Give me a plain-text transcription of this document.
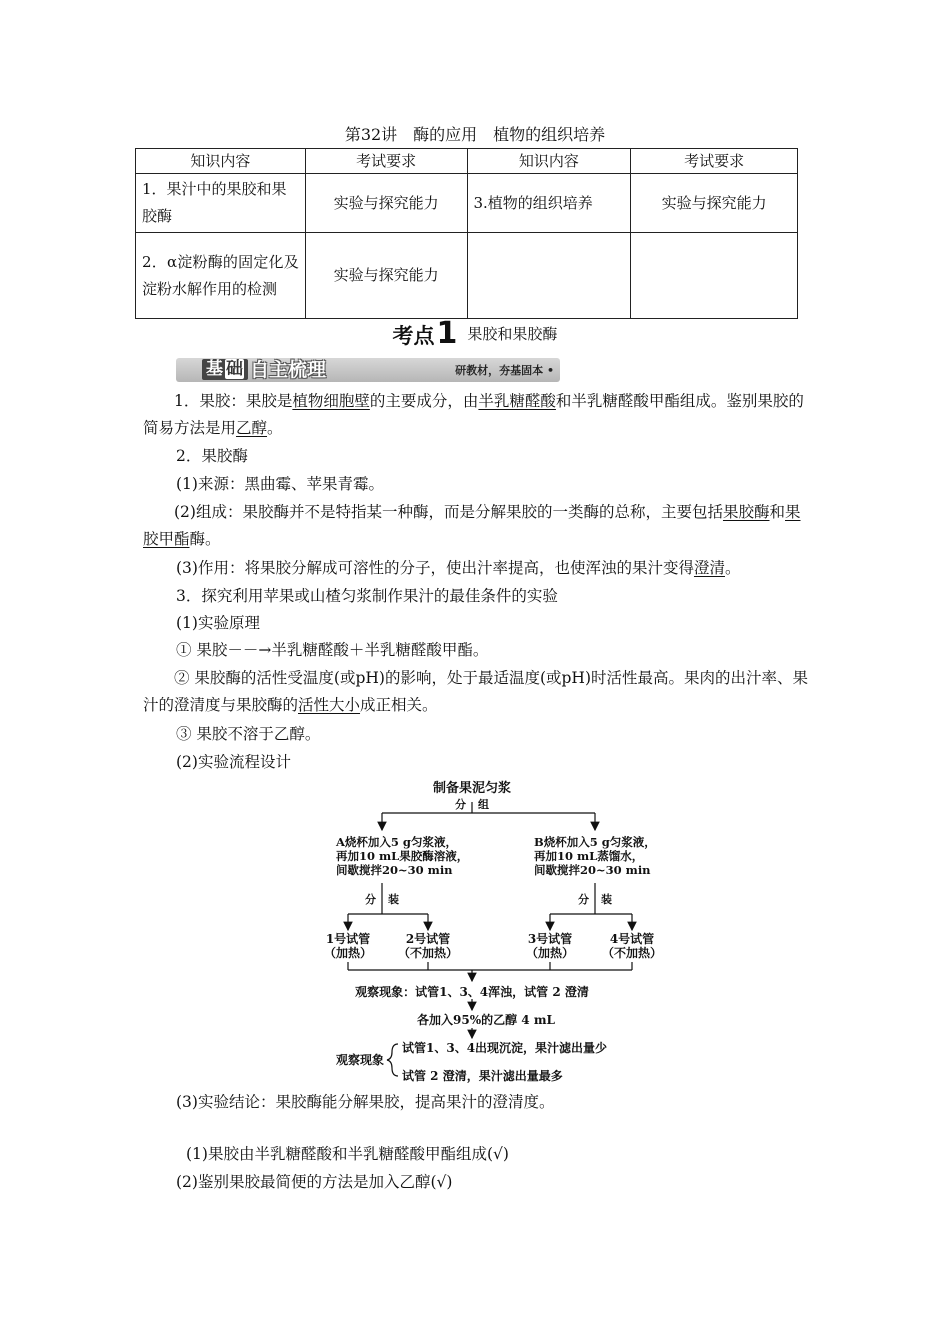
第32讲　酶的应用　植物的组织培养
知识内容	考试要求	知识内容	考试要求
1．果汁中的果胶和果胶酶	实验与探究能力	3.植物的组织培养	实验与探究能力
2．α淀粉酶的固定化及淀粉水解作用的检测	实验与探究能力		
考点1 果胶和果胶酶
基 础 自主梳理	研教材，夯基固本 •
1．果胶：果胶是植物细胞壁的主要成分，由半乳糖醛酸和半乳糖醛酸甲酯组成。鉴别果胶的简易方法是用乙醇。
2．果胶酶
(1)来源：黑曲霉、苹果青霉。
(2)组成：果胶酶并不是特指某一种酶，而是分解果胶的一类酶的总称，主要包括果胶酶和果胶甲酯酶。
(3)作用：将果胶分解成可溶性的分子，使出汁率提高，也使浑浊的果汁变得澄清。
3．探究利用苹果或山楂匀浆制作果汁的最佳条件的实验
(1)实验原理
① 果胶－－→半乳糖醛酸＋半乳糖醛酸甲酯。
② 果胶酶的活性受温度(或pH)的影响，处于最适温度(或pH)时活性最高。果肉的出汁率、果汁的澄清度与果胶酶的活性大小成正相关。
③ 果胶不溶于乙醇。
(2)实验流程设计
制备果泥匀浆
分 组
A烧杯加入5 g匀浆液，
再加10 mL果胶酶溶液，
间歇搅拌20~30 min
B烧杯加入5 g匀浆液，
再加10 mL蒸馏水，
间歇搅拌20~30 min
分 装	分 装
1号试管
（加热）
2号试管
（不加热）
3号试管
（加热）
4号试管
（不加热）
观察现象：试管1、3、4浑浊，试管 2 澄清
各加入95%的乙醇 4 mL
观察现象
试管1、3、4出现沉淀，果汁滤出量少
试管 2 澄清，果汁滤出量最多
(3)实验结论：果胶酶能分解果胶，提高果汁的澄清度。
(1)果胶由半乳糖醛酸和半乳糖醛酸甲酯组成(√)
(2)鉴别果胶最简便的方法是加入乙醇(√)
